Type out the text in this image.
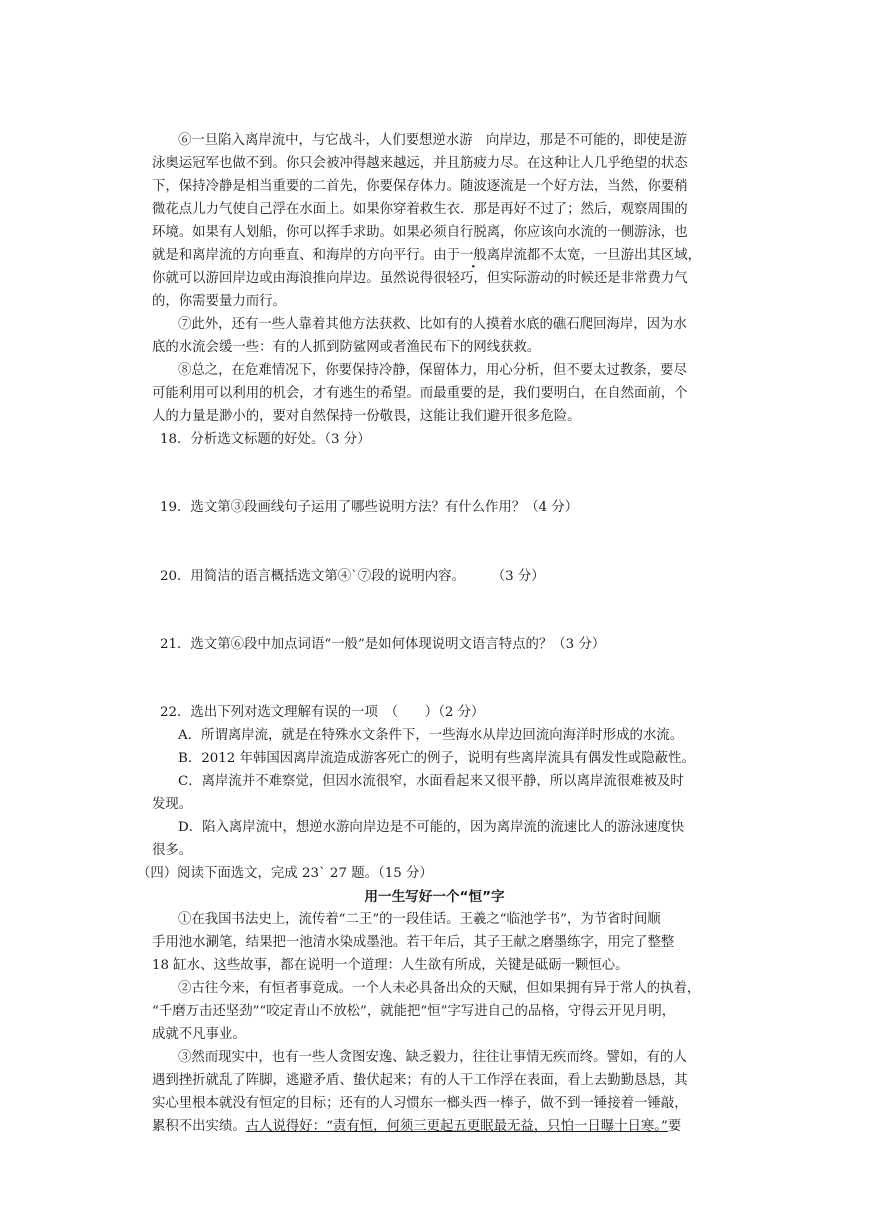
⑥一旦陷入离岸流中，与它战斗，人们要想逆水游　向岸边，那是不可能的，即使是游
泳奥运冠军也做不到。你只会被冲得越来越远，并且筋疲力尽。在这种让人几乎绝望的状态
下，保持冷静是相当重要的二首先，你要保存体力。随波逐流是一个好方法，当然，你要稍
微花点儿力气使自己浮在水面上。如果你穿着救生衣．那是再好不过了；然后，观察周围的
环境。如果有人划船，你可以挥手求助。如果必须自行脱离，你应该向水流的一侧游泳，也
就是和离岸流的方向垂直、和海岸的方向平行。由于一般离岸流都不太宽，一旦游出其区域，
你就可以游回岸边或由海浪推向岸边。虽然说得很轻巧，但实际游动的时候还是非常费力气
的，你需要量力而行。
⑦此外，还有一些人靠着其他方法获救、比如有的人摸着水底的礁石爬回海岸，因为水
底的水流会缓一些：有的人抓到防鲨网或者渔民布下的网线获救。
⑧总之，在危难情况下，你要保持冷静，保留体力，用心分析，但不要太过教条，要尽
可能利用可以利用的机会，才有逃生的希望。而最重要的是，我们要明白，在自然面前，个
人的力量是渺小的，要对自然保持一份敬畏，这能让我们避开很多危险。
18．分析选文标题的好处。（3 分）
19．选文第③段画线句子运用了哪些说明方法？有什么作用？（4 分）
20．用简洁的语言概括选文第④`⑦段的说明内容。　　　（3 分）
21．选文第⑥段中加点词语“一般”是如何体现说明文语言特点的？（3 分）
22．选出下列对选文理解有误的一项　（　　）（2 分）
A．所谓离岸流，就是在特殊水文条件下，一些海水从岸边回流向海洋时形成的水流。
B．2012 年韩国因离岸流造成游客死亡的例子，说明有些离岸流具有偶发性或隐蔽性。
C．离岸流并不难察觉，但因水流很窄，水面看起来又很平静，所以离岸流很难被及时
发现。
D．陷入离岸流中，想逆水游向岸边是不可能的，因为离岸流的流速比人的游泳速度快
很多。
（四）阅读下面选文，完成 23` 27 题。（15 分）
用一生写好一个“恒”字
①在我国书法史上，流传着“二王”的一段佳话。王羲之“临池学书”，为节省时间顺
手用池水涮笔，结果把一池清水染成墨池。若干年后，其子王献之磨墨练字，用完了整整
18 缸水、这些故事，都在说明一个道理：人生欲有所成，关键是砥砺一颗恒心。
②古往今来，有恒者事竟成。一个人未必具备出众的天赋，但如果拥有异于常人的执着，
“千磨万击还坚劲”“咬定青山不放松”，就能把“恒”字写进自己的品格，守得云开见月明，
成就不凡事业。
③然而现实中，也有一些人贪图安逸、缺乏毅力，往往让事情无疾而终。譬如，有的人
遇到挫折就乱了阵脚，逃避矛盾、蛰伏起来；有的人干工作浮在表面，看上去勤勤恳恳，其
实心里根本就没有恒定的目标；还有的人习惯东一榔头西一棒子，做不到一锤接着一锤敲，
累积不出实绩。古人说得好：“责有恒，何须三更起五更眠最无益，只怕一日曝十日寒。”要
